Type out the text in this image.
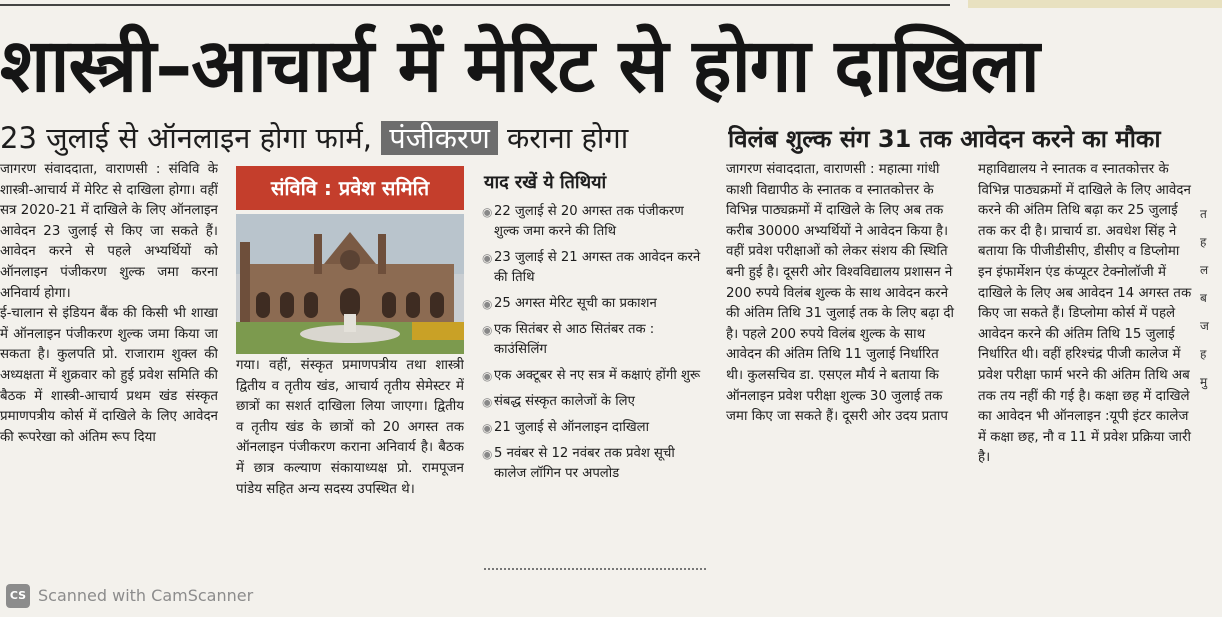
शास्त्री–आचार्य में मेरिट से होगा दाखिला
23 जुलाई से ऑनलाइन होगा फार्म, पंजीकरण कराना होगा	विलंब शुल्क संग 31 तक आवेदन करने का मौका

जागरण संवाददाता, वाराणसी : संविवि के शास्त्री-आचार्य में मेरिट से दाखिला होगा। वहीं सत्र 2020-21 में दाखिले के लिए ऑनलाइन आवेदन 23 जुलाई से किए जा सकते हैं। आवेदन करने से पहले अभ्यर्थियों को ऑनलाइन पंजीकरण शुल्क जमा करना अनिवार्य होगा।

ई-चालान से इंडियन बैंक की किसी भी शाखा में ऑनलाइन पंजीकरण शुल्क जमा किया जा सकता है। कुलपति प्रो. राजाराम शुक्ल की अध्यक्षता में शुक्रवार को हुई प्रवेश समिति की बैठक में शास्त्री-आचार्य प्रथम खंड संस्कृत प्रमाणपत्रीय कोर्स में दाखिले के लिए आवेदन की रूपरेखा को अंतिम रूप दिया

संविवि : प्रवेश समिति
गया। वहीं, संस्कृत प्रमाणपत्रीय तथा शास्त्री द्वितीय व तृतीय खंड, आचार्य तृतीय सेमेस्टर में छात्रों का सशर्त दाखिला लिया जाएगा। द्वितीय व तृतीय खंड के छात्रों को 20 अगस्त तक ऑनलाइन पंजीकरण कराना अनिवार्य है। बैठक में छात्र कल्याण संकायाध्यक्ष प्रो. रामपूजन पांडेय सहित अन्य सदस्य उपस्थित थे।
याद रखें ये तिथियां
◉ 22 जुलाई से 20 अगस्त तक पंजीकरण शुल्क जमा करने की तिथि
◉ 23 जुलाई से 21 अगस्त तक आवेदन करने की तिथि
◉ 25 अगस्त मेरिट सूची का प्रकाशन
◉ एक सितंबर से आठ सितंबर तक : काउंसिलिंग
◉ एक अक्टूबर से नए सत्र में कक्षाएं होंगी शुरू
◉ संबद्ध संस्कृत कालेजों के लिए
◉ 21 जुलाई से ऑनलाइन दाखिला
◉ 5 नवंबर से 12 नवंबर तक प्रवेश सूची कालेज लॉगिन पर अपलोड
जागरण संवाददाता, वाराणसी : महात्मा गांधी काशी विद्यापीठ के स्नातक व स्नातकोत्तर के विभिन्न पाठ्यक्रमों में दाखिले के लिए अब तक करीब 30000 अभ्यर्थियों ने आवेदन किया है। वहीं प्रवेश परीक्षाओं को लेकर संशय की स्थिति बनी हुई है। दूसरी ओर विश्वविद्यालय प्रशासन ने 200 रुपये विलंब शुल्क के साथ आवेदन करने की अंतिम तिथि 31 जुलाई तक के लिए बढ़ा दी है। पहले 200 रुपये विलंब शुल्क के साथ आवेदन की अंतिम तिथि 11 जुलाई निर्धारित थी। कुलसचिव डा. एसएल मौर्य ने बताया कि ऑनलाइन प्रवेश परीक्षा शुल्क 30 जुलाई तक जमा किए जा सकते हैं। दूसरी ओर उदय प्रताप
महाविद्यालय ने स्नातक व स्नातकोत्तर के विभिन्न पाठ्यक्रमों में दाखिले के लिए आवेदन करने की अंतिम तिथि बढ़ा कर 25 जुलाई तक कर दी है। प्राचार्य डा. अवधेश सिंह ने बताया कि पीजीडीसीए, डीसीए व डिप्लोमा इन इंफार्मेशन एंड कंप्यूटर टेक्नोलॉजी में दाखिले के लिए अब आवेदन 14 अगस्त तक किए जा सकते हैं। डिप्लोमा कोर्स में पहले आवेदन करने की अंतिम तिथि 15 जुलाई निर्धारित थी। वहीं हरिश्चंद्र पीजी कालेज में प्रवेश परीक्षा फार्म भरने की अंतिम तिथि अब तक तय नहीं की गई है। कक्षा छह में दाखिले का आवेदन भी ऑनलाइन :यूपी इंटर कालेज में कक्षा छह, नौ व 11 में प्रवेश प्रक्रिया जारी है।
त
ह
ल
ब
ज
ह
मु
CS Scanned with CamScanner
